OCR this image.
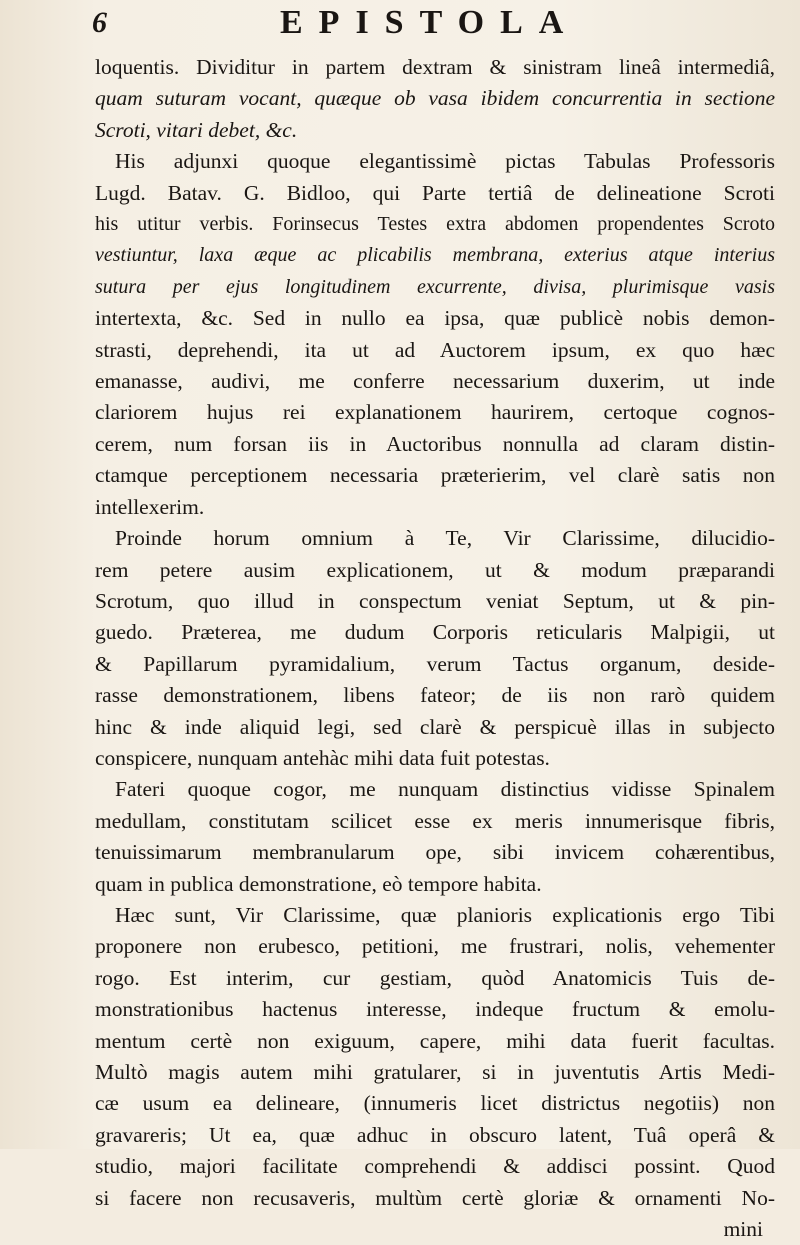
6	EPISTOLA
loquentis. Dividitur in partem dextram & sinistram lineâ intermediâ,
quam suturam vocant, quæque ob vasa ibidem concurrentia in sectione
Scroti, vitari debet, &c.
His adjunxi quoque elegantissimè pictas Tabulas Professoris
Lugd. Batav. G. Bidloo, qui Parte tertiâ de delineatione Scroti
his utitur verbis. Forinsecus Testes extra abdomen propendentes Scroto
vestiuntur, laxa æque ac plicabilis membrana, exterius atque interius
sutura per ejus longitudinem excurrente, divisa, plurimisque vasis
intertexta, &c. Sed in nullo ea ipsa, quæ publicè nobis demon-
strasti, deprehendi, ita ut ad Auctorem ipsum, ex quo hæc
emanasse, audivi, me conferre necessarium duxerim, ut inde
clariorem hujus rei explanationem haurirem, certoque cognos-
cerem, num forsan iis in Auctoribus nonnulla ad claram distin-
ctamque perceptionem necessaria præterierim, vel clarè satis non
intellexerim.
Proinde horum omnium à Te, Vir Clarissime, dilucidio-
rem petere ausim explicationem, ut & modum præparandi
Scrotum, quo illud in conspectum veniat Septum, ut & pin-
guedo. Præterea, me dudum Corporis reticularis Malpigii, ut
& Papillarum pyramidalium, verum Tactus organum, deside-
rasse demonstrationem, libens fateor; de iis non rarò quidem
hinc & inde aliquid legi, sed clarè & perspicuè illas in subjecto
conspicere, nunquam antehàc mihi data fuit potestas.
Fateri quoque cogor, me nunquam distinctius vidisse Spinalem
medullam, constitutam scilicet esse ex meris innumerisque fibris,
tenuissimarum membranularum ope, sibi invicem cohærentibus,
quam in publica demonstratione, eò tempore habita.
Hæc sunt, Vir Clarissime, quæ planioris explicationis ergo Tibi
proponere non erubesco, petitioni, me frustrari, nolis, vehementer
rogo. Est interim, cur gestiam, quòd Anatomicis Tuis de-
monstrationibus hactenus interesse, indeque fructum & emolu-
mentum certè non exiguum, capere, mihi data fuerit facultas.
Multò magis autem mihi gratularer, si in juventutis Artis Medi-
cæ usum ea delineare, (innumeris licet districtus negotiis) non
gravareris; Ut ea, quæ adhuc in obscuro latent, Tuâ operâ &
studio, majori facilitate comprehendi & addisci possint. Quod
si facere non recusaveris, multùm certè gloriæ & ornamenti No-
mini
